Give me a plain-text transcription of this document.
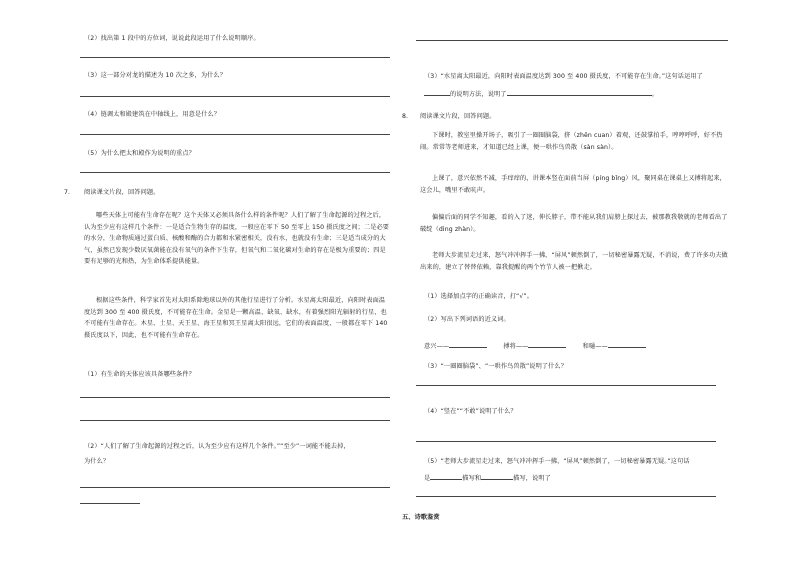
（2）找出第 1 段中的方位词，说说此段运用了什么说明顺序。
（3）这一部分对龙的描述为 10 次之多，为什么？
（4）链调太和殿建筑在中轴线上，用意是什么？
（5）为什么把太和殿作为说明的重点？
7. 阅读课文片段，回答问题。
哪些天体上可能有生命存在呢？这个天体又必须具备什么样的条件呢？人们了解了生命起源的过程之后，认为至少应有这样几个条件：一是适合生物生存的温度，一般应在零下 50 至零上 150 摄氏度之间；二是必要的水分，生命物质通过蛋白质、核酸和酶的合力都和水紧密相关，没有水，也就没有生命；三是适当成分的大气，虽然已发现少数厌氧菌能在没有氧气的条件下生存，但氧气和二氧化碳对生命的存在是极为重要的；四是要有足够的光和热，为生命体系提供能量。
根据这些条件，科学家首先对太阳系除地球以外的其他行星进行了分析。水星离太阳最近，向阳时表面温度达到 300 至 400 摄氏度，不可能存在生命。金星是一颗高温、缺氧、缺水，有着强烈阳光辐射的行星，也不可能有生命存在。木星、土星、天王星、海王星和冥王星离太阳很远，它们的表面温度，一般都在零下 140 摄氏度以下，因此，也不可能有生命存在。
（1）有生命的天体应该具备哪些条件？
（2）“人们了解了生命起源的过程之后，认为至少应有这样几个条件。”“至少”一词能不能去掉，
为什么？
（3）“水星离太阳最近，向阳时表面温度达到 300 至 400 摄氏度，不可能存在生命。”这句话运用了
的说明方法，说明了	。
8. 阅读课文片段，回答问题。
下课时，教室里操开场子，吸引了一圈圈脑袋，挤（zhēn cuan）着观，还鼓掌拍手，哼哼呼呼，好不热闹。常常等老师进来，才知道已经上课，便一哄作鸟兽散（sàn sàn）。
上课了，意兴依然不减，手痒痒的，讲课本竖在面前当屏（píng bǐng）风，聚同桌在课桌上又搏将起来，这会儿，嘴里不敢吭声。
偏偏后面的同学不知趣，看的入了迷，伸长脖子，带不能从我们肩膀上探过去，被那教我敬就的老师看出了破绽（dìng zhàn）。
老师大步流星走过来，怒气冲冲挥手一拂，“屏风”顿然倒了，一切秘密暴露无疑，不消说，费了许多功夫做出来的，建立了替替依赖，靠我捉醒的两个竹节人被一把揪走。
（1）选择加点字的正确读音，打“√”。
（2）写出下列词语的近义词。
意兴——	搏将——	和嗵——
（3）“一圈圈脑袋”、“一哄作鸟兽散”说明了什么？
（4）“竖在”“不敢”说明了什么？
（5）“老师大步流星走过来，怒气冲冲挥手一拂，“屏风”顿然倒了，一切秘密暴露无疑。”这句话
是	描写和	描写，说明了
五、诗歌鉴赏
